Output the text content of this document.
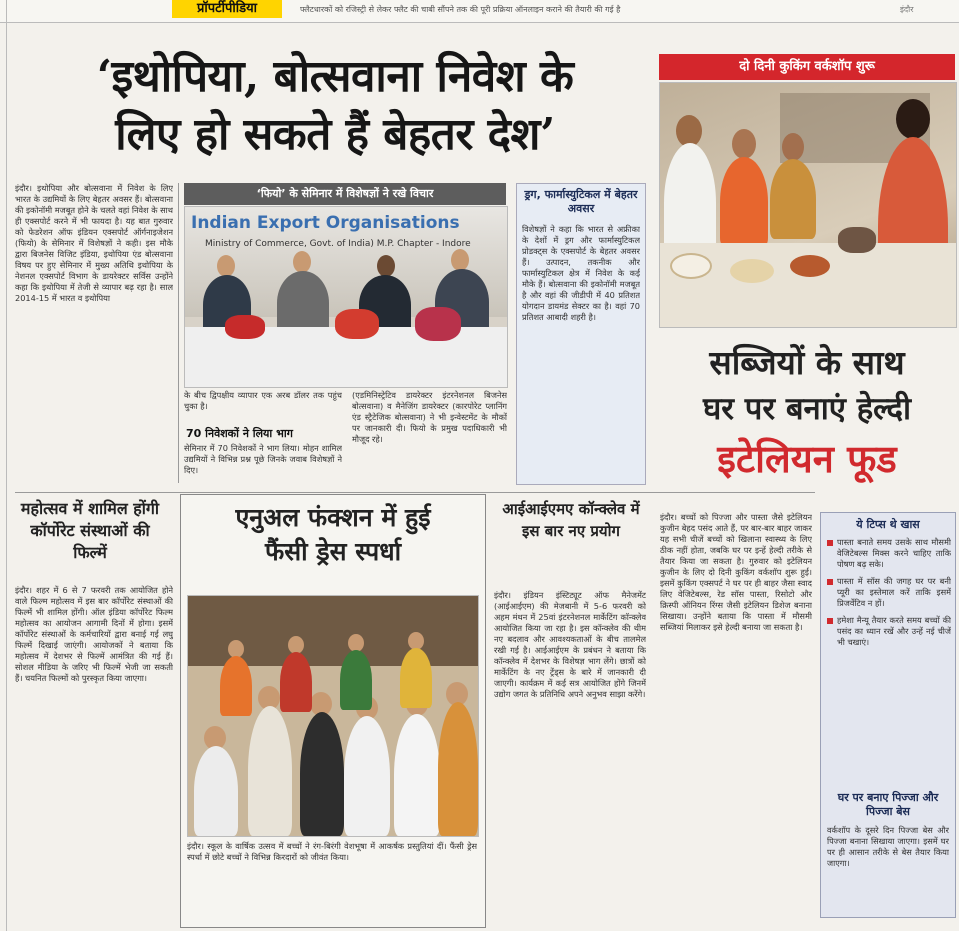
प्रॉपर्टीपीडिया	फ्लैटधारकों को रजिस्ट्री से लेकर फ्लैट की चाबी सौंपने तक की पूरी प्रक्रिया ऑनलाइन कराने की तैयारी की गई है	इंदौर
‘इथोपिया, बोत्सवाना निवेश के
लिए हो सकते हैं बेहतर देश’
इंदौर। इथोपिया और बोत्सवाना में निवेश के लिए भारत के उद्यमियों के लिए बेहतर अवसर हैं। बोत्सवाना की इकोनॉमी मजबूत होने के चलते वहां निवेश के साथ ही एक्सपोर्ट करने में भी फायदा है। यह बात गुरुवार को फेडरेशन ऑफ इंडियन एक्सपोर्ट ऑर्गनाइजेशन (फियो) के सेमिनार में विशेषज्ञों ने कही। इस मौके द्वारा बिजनेस विजिट इंडिया, इथोपिया एंड बोत्सवाना विषय पर हुए सेमिनार में मुख्य अतिथि इथोपिया के नेशनल एक्सपोर्ट विभाग के डायरेक्टर सर्विस उन्होंने कहा कि इथोपिया में तेजी से व्यापार बढ़ रहा है। साल 2014-15 में भारत व इथोपिया
‘फियो’ के सेमिनार में विशेषज्ञों ने रखे विचार
Indian Export Organisations
Ministry of Commerce, Govt. of India) M.P. Chapter - Indore
के बीच द्विपक्षीय व्यापार एक अरब डॉलर तक पहुंच चुका है।
(एडमिनिस्ट्रेटिव डायरेक्टर इंटरनेशनल बिजनेस बोत्सवाना) व मैनेजिंग डायरेक्टर (कारपोरेट प्लानिंग एंड स्ट्रैटेजिक बोत्सवाना) ने भी इन्वेस्टमेंट के मौकों पर जानकारी दी। फियो के प्रमुख पदाधिकारी भी मौजूद रहे।
70 निवेशकों ने लिया भाग
सेमिनार में 70 निवेशकों ने भाग लिया। मोहन शामिल उद्यमियों ने विभिन्न प्रश्न पूछे जिनके जवाब विशेषज्ञों ने दिए।
ड्रग, फार्मास्युटिकल में बेहतर अवसर
विशेषज्ञों ने कहा कि भारत से अफ्रीका के देशों में ड्रग और फार्मास्युटिकल प्रोडक्ट्स के एक्सपोर्ट के बेहतर अवसर हैं। उत्पादन, तकनीक और फार्मास्युटिकल क्षेत्र में निवेश के कई मौके हैं। बोत्सवाना की इकोनॉमी मजबूत है और वहां की जीडीपी में 40 प्रतिशत योगदान डायमंड सेक्टर का है। वहां 70 प्रतिशत आबादी शहरी है।
दो दिनी कुकिंग वर्कशॉप शुरू
सब्जियों के साथ
घर पर बनाएं हेल्दी
इटेलियन फूड
महोत्सव में शामिल होंगी कॉर्पोरेट संस्थाओं की फिल्में
इंदौर। शहर में 6 से 7 फरवरी तक आयोजित होने वाले फिल्म महोत्सव में इस बार कॉर्पोरेट संस्थाओं की फिल्में भी शामिल होंगी। ऑल इंडिया कॉर्पोरेट फिल्म महोत्सव का आयोजन आगामी दिनों में होगा। इसमें कॉर्पोरेट संस्थाओं के कर्मचारियों द्वारा बनाई गई लघु फिल्में दिखाई जाएंगी। आयोजकों ने बताया कि महोत्सव में देशभर से फिल्में आमंत्रित की गई हैं। सोशल मीडिया के जरिए भी फिल्में भेजी जा सकती हैं। चयनित फिल्मों को पुरस्कृत किया जाएगा।
एनुअल फंक्शन में हुई
फैंसी ड्रेस स्पर्धा
इंदौर। स्कूल के वार्षिक उत्सव में बच्चों ने रंग-बिरंगी वेशभूषा में आकर्षक प्रस्तुतियां दीं। फैंसी ड्रेस स्पर्धा में छोटे बच्चों ने विभिन्न किरदारों को जीवंत किया।
आईआईएमए कॉन्क्लेव में इस बार नए प्रयोग
इंदौर। इंडियन इंस्टिट्यूट ऑफ मैनेजमेंट (आईआईएम) की मेजबानी में 5-6 फरवरी को अहम मंथन में 25वां इंटरनेशनल मार्केटिंग कॉन्क्लेव आयोजित किया जा रहा है। इस कॉन्क्लेव की थीम नए बदलाव और आवश्यकताओं के बीच तालमेल रखी गई है। आईआईएम के प्रबंधन ने बताया कि कॉन्क्लेव में देशभर के विशेषज्ञ भाग लेंगे। छात्रों को मार्केटिंग के नए ट्रेंड्स के बारे में जानकारी दी जाएगी। कार्यक्रम में कई सत्र आयोजित होंगे जिनमें उद्योग जगत के प्रतिनिधि अपने अनुभव साझा करेंगे।
इंदौर। बच्चों को पिज्जा और पास्ता जैसे इटेलियन कुजीन बेहद पसंद आते हैं, पर बार-बार बाहर जाकर यह सभी चीजें बच्चों को खिलाना स्वास्थ्य के लिए ठीक नहीं होता, जबकि घर पर इन्हें हेल्दी तरीके से तैयार किया जा सकता है। गुरुवार को इटेलियन कुजीन के लिए दो दिनी कुकिंग वर्कशॉप शुरू हुई। इसमें कुकिंग एक्सपर्ट ने घर पर ही बाहर जैसा स्वाद लिए वेजिटेबल्स, रेड सॉस पास्ता, रिसोटो और क्रिस्पी ऑनियन रिंग्स जैसी इटेलियन डिशेज बनाना सिखाया। उन्होंने बताया कि पास्ता में मौसमी सब्जियां मिलाकर इसे हेल्दी बनाया जा सकता है।
ये टिप्स थे खास
पास्ता बनाते समय उसके साथ मौसमी वेजिटेबल्स मिक्स करने चाहिए ताकि पोषण बढ़ सके।
पास्ता में सॉस की जगह घर पर बनी प्यूरी का इस्तेमाल करें ताकि इसमें प्रिजर्वेटिव न हों।
हमेशा मैन्यू तैयार करते समय बच्चों की पसंद का ध्यान रखें और उन्हें नई चीजें भी चखाएं।
घर पर बनाए पिज्जा और पिज्जा बेस
वर्कशॉप के दूसरे दिन पिज्जा बेस और पिज्जा बनाना सिखाया जाएगा। इसमें घर पर ही आसान तरीके से बेस तैयार किया जाएगा।
